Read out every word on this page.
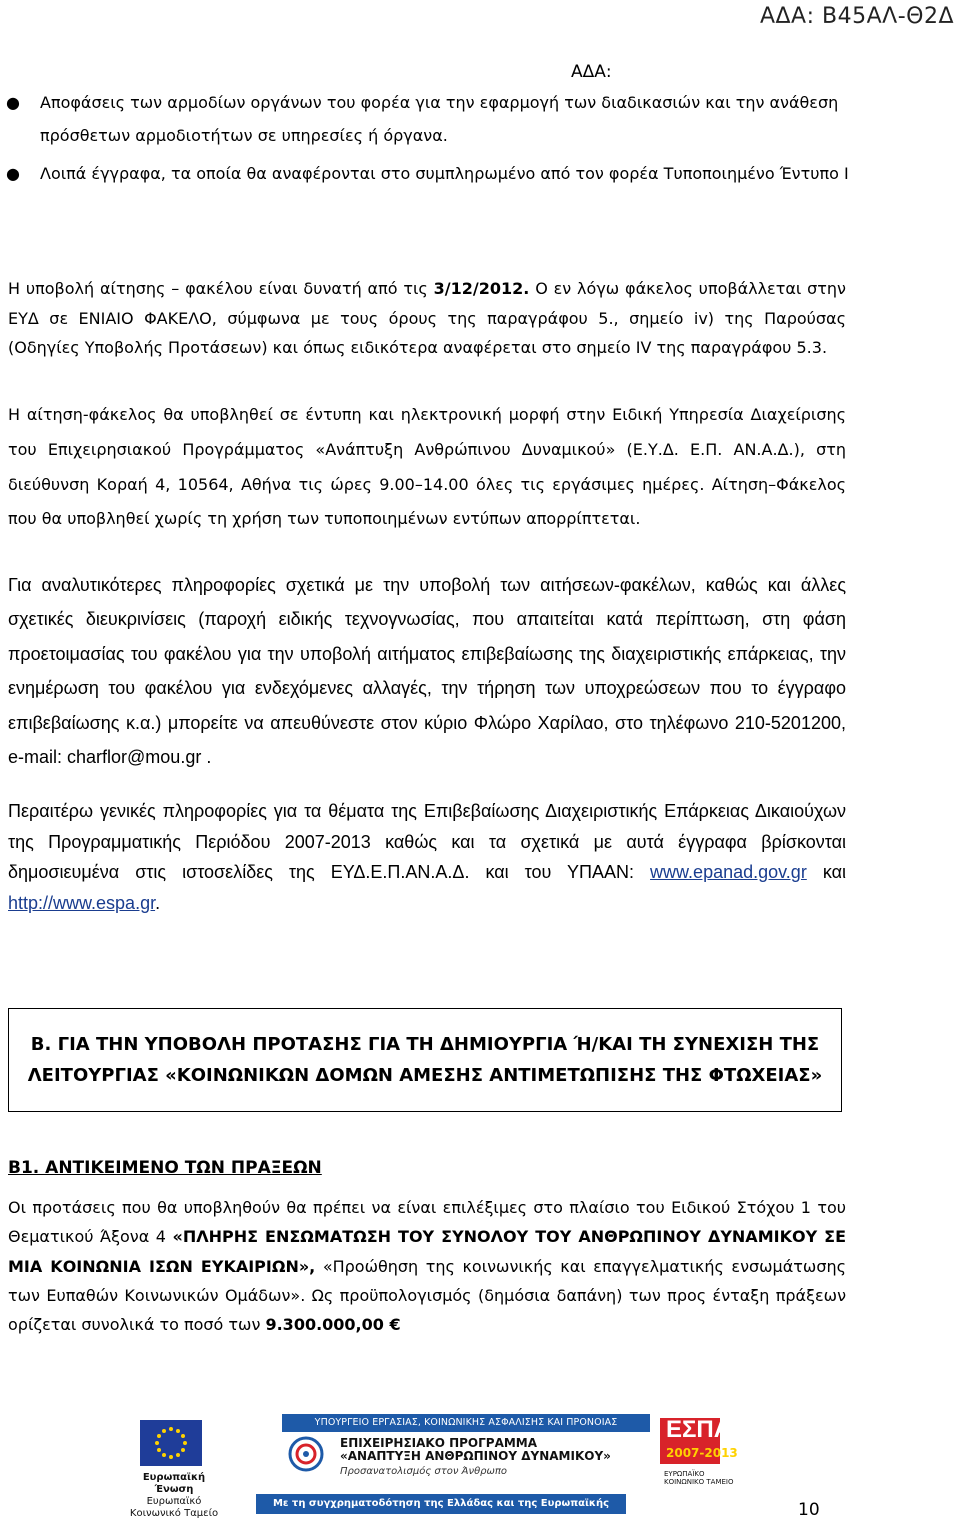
ΑΔΑ: Β45ΑΛ-Θ2Δ
ΑΔΑ:
● Αποφάσεις των αρμοδίων οργάνων του φορέα για την εφαρμογή των διαδικασιών και την ανάθεση πρόσθετων αρμοδιοτήτων σε υπηρεσίες ή όργανα.

● Λοιπά έγγραφα, τα οποία θα αναφέρονται στο συμπληρωμένο από τον φορέα Τυποποιημένο Έντυπο Ι

Η υποβολή αίτησης – φακέλου είναι δυνατή από τις 3/12/2012. Ο εν λόγω φάκελος υποβάλλεται στην ΕΥΔ σε ΕΝΙΑΙΟ ΦΑΚΕΛΟ, σύμφωνα με τους όρους της παραγράφου 5., σημείο iv) της Παρούσας (Οδηγίες Υποβολής Προτάσεων) και όπως ειδικότερα αναφέρεται στο σημείο IV της παραγράφου 5.3.

Η αίτηση-φάκελος θα υποβληθεί σε έντυπη και ηλεκτρονική μορφή στην Ειδική Υπηρεσία Διαχείρισης του Επιχειρησιακού Προγράμματος «Ανάπτυξη Ανθρώπινου Δυναμικού» (Ε.Υ.Δ. Ε.Π. ΑΝ.Α.Δ.), στη διεύθυνση Κοραή 4, 10564, Αθήνα τις ώρες 9.00–14.00 όλες τις εργάσιμες ημέρες. Αίτηση–Φάκελος που θα υποβληθεί χωρίς τη χρήση των τυποποιημένων εντύπων απορρίπτεται.

Για αναλυτικότερες πληροφορίες σχετικά με την υποβολή των αιτήσεων-φακέλων, καθώς και άλλες σχετικές διευκρινίσεις (παροχή ειδικής τεχνογνωσίας, που απαιτείται κατά περίπτωση, στη φάση προετοιμασίας του φακέλου για την υποβολή αιτήματος επιβεβαίωσης της διαχειριστικής επάρκειας, την ενημέρωση του φακέλου για ενδεχόμενες αλλαγές, την τήρηση των υποχρεώσεων που το έγγραφο επιβεβαίωσης κ.α.) μπορείτε να απευθύνεστε στον κύριο Φλώρο Χαρίλαο, στο τηλέφωνο 210-5201200, e-mail: charflor@mou.gr .

Περαιτέρω γενικές πληροφορίες για τα θέματα της Επιβεβαίωσης Διαχειριστικής Επάρκειας Δικαιούχων της Προγραμματικής Περιόδου 2007-2013 καθώς και τα σχετικά με αυτά έγγραφα βρίσκονται δημοσιευμένα στις ιστοσελίδες της ΕΥΔ.Ε.Π.ΑΝ.Α.Δ. και του ΥΠΑΑΝ: www.epanad.gov.gr και http://www.espa.gr.

Β. ΓΙΑ ΤΗΝ ΥΠΟΒΟΛΗ ΠΡΟΤΑΣΗΣ ΓΙΑ ΤΗ ΔΗΜΙΟΥΡΓΙΑ Ή/ΚΑΙ ΤΗ ΣΥΝΕΧΙΣΗ ΤΗΣ ΛΕΙΤΟΥΡΓΙΑΣ «ΚΟΙΝΩΝΙΚΩΝ ΔΟΜΩΝ ΑΜΕΣΗΣ ΑΝΤΙΜΕΤΩΠΙΣΗΣ ΤΗΣ ΦΤΩΧΕΙΑΣ»
Β1. ΑΝΤΙΚΕΙΜΕΝΟ ΤΩΝ ΠΡΑΞΕΩΝ

Οι προτάσεις που θα υποβληθούν θα πρέπει να είναι επιλέξιμες στο πλαίσιο του Ειδικού Στόχου 1 του Θεματικού Άξονα 4 «ΠΛΗΡΗΣ ΕΝΣΩΜΑΤΩΣΗ ΤΟΥ ΣΥΝΟΛΟΥ ΤΟΥ ΑΝΘΡΩΠΙΝΟΥ ΔΥΝΑΜΙΚΟΥ ΣΕ ΜΙΑ ΚΟΙΝΩΝΙΑ ΙΣΩΝ ΕΥΚΑΙΡΙΩΝ», «Προώθηση της κοινωνικής και επαγγελματικής ενσωμάτωσης των Ευπαθών Κοινωνικών Ομάδων». Ως προϋπολογισμός (δημόσια δαπάνη) των προς ένταξη πράξεων ορίζεται συνολικά το ποσό των 9.300.000,00 €

Ευρωπαϊκή Ένωση
Ευρωπαϊκό Κοινωνικό Ταμείο
ΥΠΟΥΡΓΕΙΟ ΕΡΓΑΣΙΑΣ, ΚΟΙΝΩΝΙΚΗΣ ΑΣΦΑΛΙΣΗΣ ΚΑΙ ΠΡΟΝΟΙΑΣ
ΕΠΙΧΕΙΡΗΣΙΑΚΟ ΠΡΟΓΡΑΜΜΑ
«ΑΝΑΠΤΥΞΗ ΑΝΘΡΩΠΙΝΟΥ ΔΥΝΑΜΙΚΟΥ»
Προσανατολισμός στον Άνθρωπο
ΕΣΠΑ
2007-2013
ΕΥΡΩΠΑΪΚΟ ΚΟΙΝΩΝΙΚΟ ΤΑΜΕΙΟ
Με τη συγχρηματοδότηση της Ελλάδας και της Ευρωπαϊκής Ένωσης
10
